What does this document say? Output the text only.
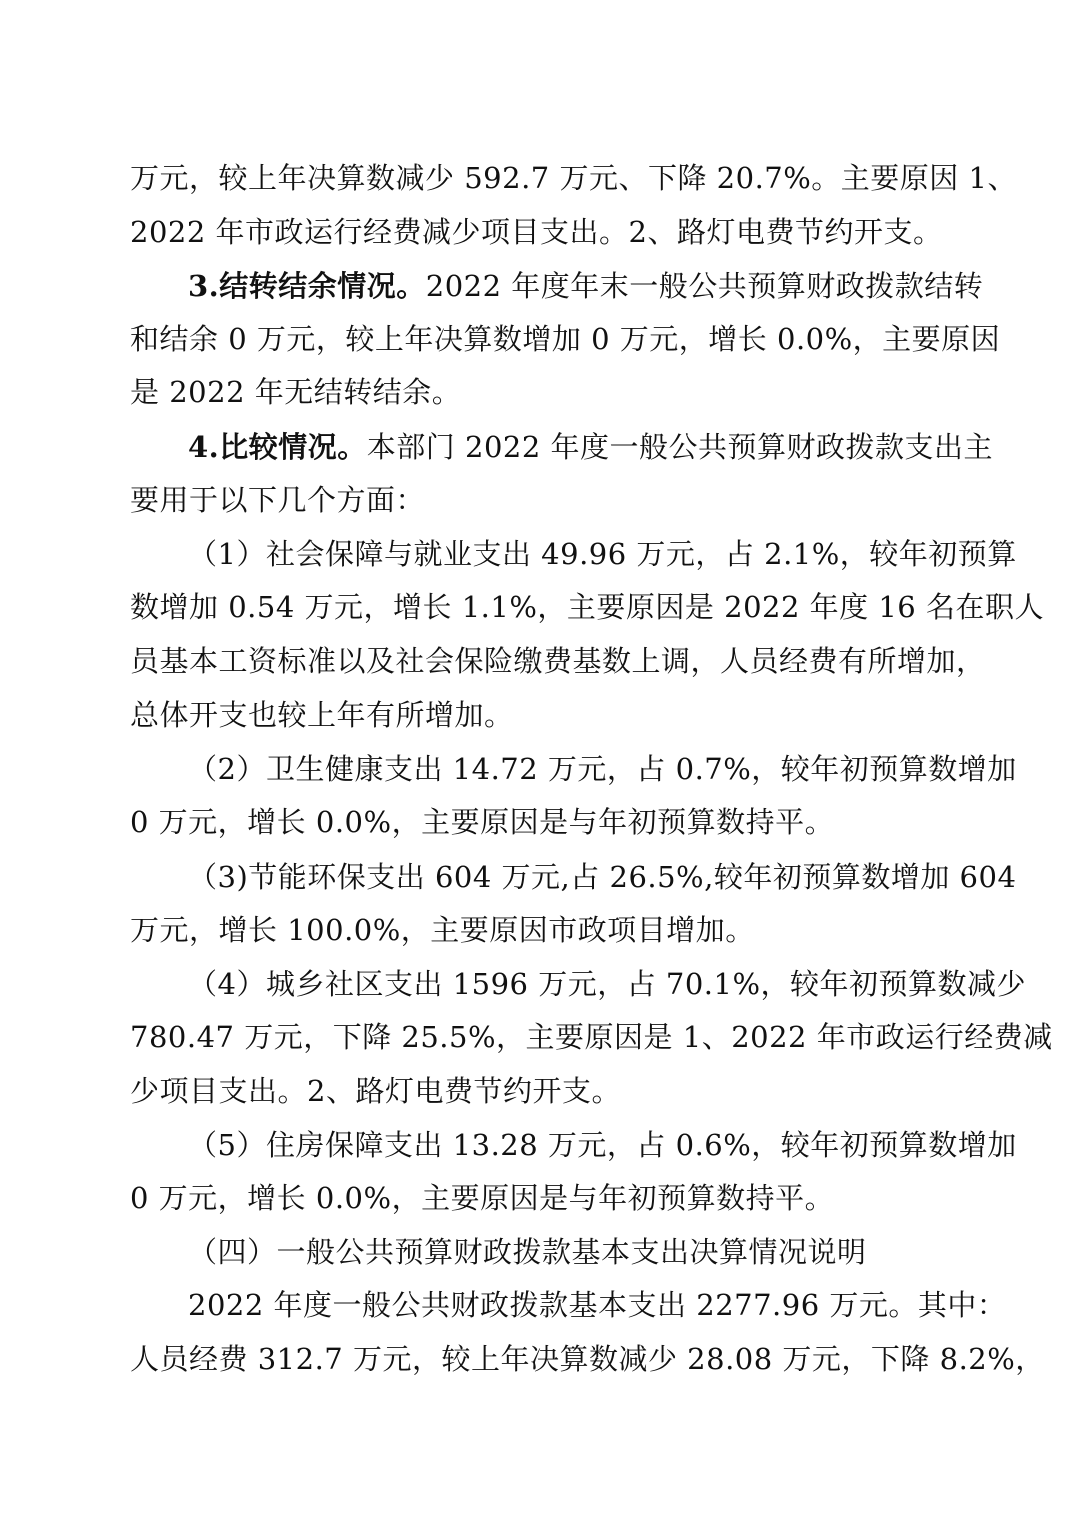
万元，较上年决算数减少 592.7 万元、下降 20.7%。主要原因 1、
2022 年市政运行经费减少项目支出。2、路灯电费节约开支。
3.结转结余情况。2022 年度年末一般公共预算财政拨款结转
和结余 0 万元，较上年决算数增加 0 万元，增长 0.0%，主要原因
是 2022 年无结转结余。
4.比较情况。本部门 2022 年度一般公共预算财政拨款支出主
要用于以下几个方面：
（1）社会保障与就业支出 49.96 万元，占 2.1%，较年初预算
数增加 0.54 万元，增长 1.1%，主要原因是 2022 年度 16 名在职人
员基本工资标准以及社会保险缴费基数上调，人员经费有所增加，
总体开支也较上年有所增加。
（2）卫生健康支出 14.72 万元，占 0.7%，较年初预算数增加
0 万元，增长 0.0%，主要原因是与年初预算数持平。
（3)节能环保支出 604 万元,占 26.5%,较年初预算数增加 604
万元，增长 100.0%，主要原因市政项目增加。
（4）城乡社区支出 1596 万元，占 70.1%，较年初预算数减少
780.47 万元，下降 25.5%，主要原因是 1、2022 年市政运行经费减
少项目支出。2、路灯电费节约开支。
（5）住房保障支出 13.28 万元，占 0.6%，较年初预算数增加
0 万元，增长 0.0%，主要原因是与年初预算数持平。
（四）一般公共预算财政拨款基本支出决算情况说明
2022 年度一般公共财政拨款基本支出 2277.96 万元。其中：
人员经费 312.7 万元，较上年决算数减少 28.08 万元，下降 8.2%，
